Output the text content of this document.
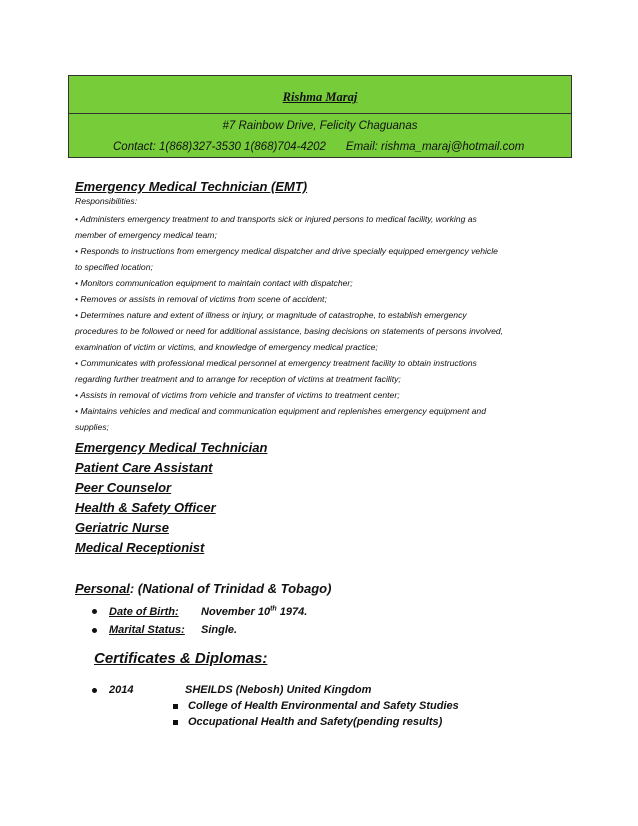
Rishma Maraj
#7 Rainbow Drive, Felicity Chaguanas
Contact: 1(868)327-3530 1(868)704-4202 Email: rishma_maraj@hotmail.com
Emergency Medical Technician (EMT)
Responsibilities:
• Administers emergency treatment to and transports sick or injured persons to medical facility, working as
member of emergency medical team;
• Responds to instructions from emergency medical dispatcher and drive specially equipped emergency vehicle
to specified location;
• Monitors communication equipment to maintain contact with dispatcher;
• Removes or assists in removal of victims from scene of accident;
• Determines nature and extent of illness or injury, or magnitude of catastrophe, to establish emergency
procedures to be followed or need for additional assistance, basing decisions on statements of persons involved,
examination of victim or victims, and knowledge of emergency medical practice;
• Communicates with professional medical personnel at emergency treatment facility to obtain instructions
regarding further treatment and to arrange for reception of victims at treatment facility;
• Assists in removal of victims from vehicle and transfer of victims to treatment center;
• Maintains vehicles and medical and communication equipment and replenishes emergency equipment and
supplies;
Emergency Medical Technician
Patient Care Assistant
Peer Counselor
Health & Safety Officer
Geriatric Nurse
Medical Receptionist
Personal: (National of Trinidad & Tobago)
Date of Birth: November 10th 1974.
Marital Status: Single.
Certificates & Diplomas:
2014	SHEILDS (Nebosh) United Kingdom
College of Health Environmental and Safety Studies
Occupational Health and Safety(pending results)
